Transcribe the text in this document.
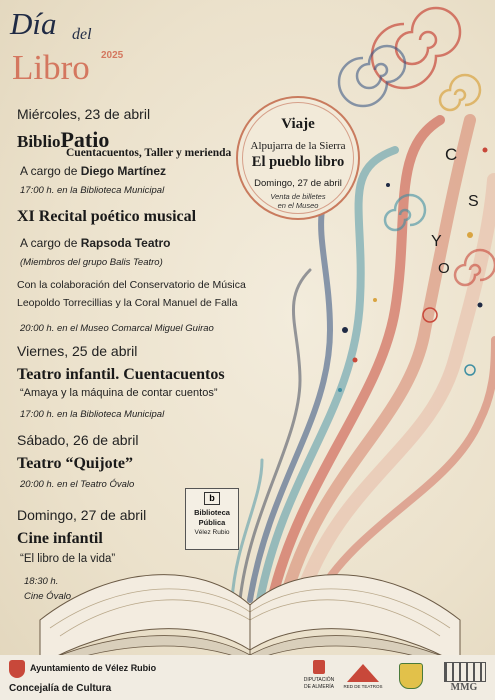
Día del
Libro 2025
Viaje
Alpujarra de la Sierra
El pueblo libro
Domingo, 27 de abril
Venta de billetes
en el Museo
C
S
Y
O
Miércoles, 23 de abril
BiblioPatio
Cuentacuentos, Taller y merienda
A cargo de Diego Martínez
17:00 h. en la Biblioteca Municipal
XI Recital poético musical
A cargo de Rapsoda Teatro
(Miembros del grupo Balis Teatro)
Con la colaboración del Conservatorio de Música
Leopoldo Torrecillias y la Coral Manuel de Falla
20:00 h. en el Museo Comarcal Miguel Guirao
Viernes, 25 de abril
Teatro infantil. Cuentacuentos
“Amaya y la máquina de contar cuentos”
17:00 h. en la Biblioteca Municipal
Sábado, 26 de abril
Teatro “Quijote”
20:00 h. en el Teatro Óvalo
Domingo, 27 de abril
Cine infantil
“El libro de la vida”
18:30 h.
Cine Óvalo
b
Biblioteca
Pública
Vélez Rubio
Ayuntamiento de Vélez Rubio
Concejalía de Cultura
DIPUTACIÓN
DE ALMERÍA	RED DE TEATROS	MMG
